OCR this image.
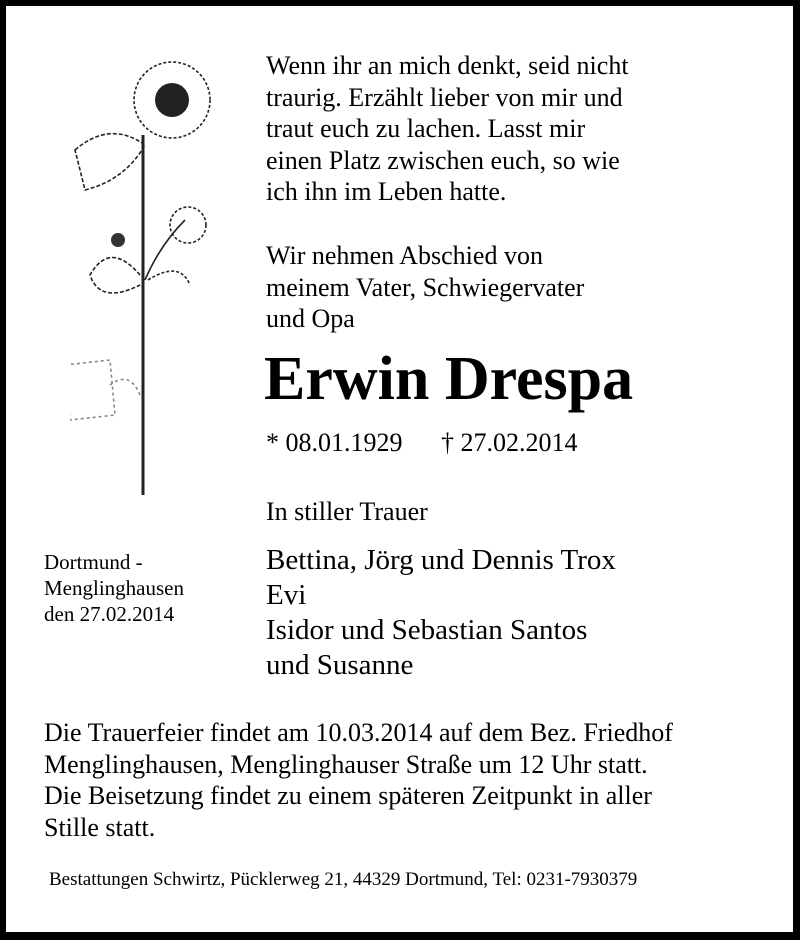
Wenn ihr an mich denkt, seid nicht
traurig. Erzählt lieber von mir und
traut euch zu lachen. Lasst mir
einen Platz zwischen euch, so wie
ich ihn im Leben hatte.
Wir nehmen Abschied von
meinem Vater, Schwiegervater
und Opa
Erwin Drespa
* 08.01.1929 † 27.02.2014
In stiller Trauer
Bettina, Jörg und Dennis Trox
Evi
Isidor und Sebastian Santos
und Susanne
Dortmund -
Menglinghausen
den 27.02.2014
Die Trauerfeier findet am 10.03.2014 auf dem Bez. Friedhof
Menglinghausen, Menglinghauser Straße um 12 Uhr statt.
Die Beisetzung findet zu einem späteren Zeitpunkt in aller
Stille statt.
Bestattungen Schwirtz, Pücklerweg 21, 44329 Dortmund, Tel: 0231-7930379
